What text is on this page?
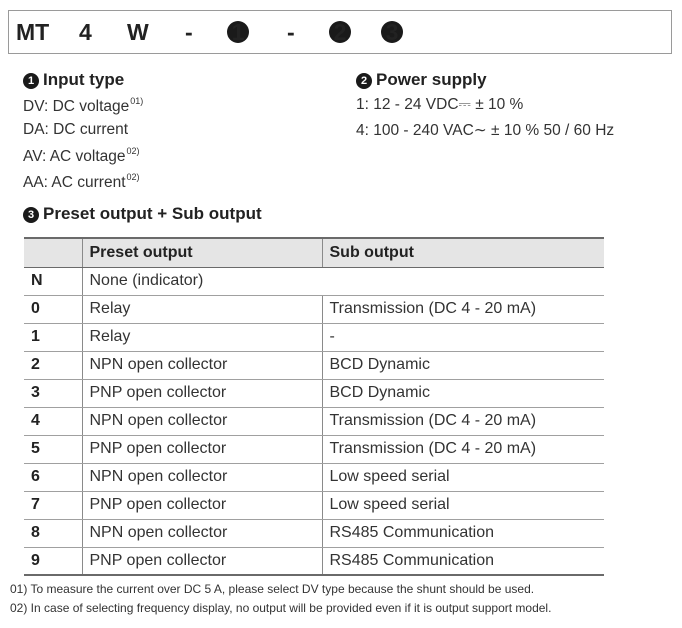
MT 4 W - 1 - 2 3
1 Input type
DV: DC voltage$^{01)}$
DA: DC current
AV: AC voltage$^{02)}$
AA: AC current$^{02)}$
2 Power supply
1: 12 - 24 VDC⎓ ± 10 %
4: 100 - 240 VAC∼ ± 10 % 50 / 60 Hz
3 Preset output + Sub output
	Preset output	Sub output
N	None (indicator)	
0	Relay	Transmission (DC 4 - 20 mA)
1	Relay	-
2	NPN open collector	BCD Dynamic
3	PNP open collector	BCD Dynamic
4	NPN open collector	Transmission (DC 4 - 20 mA)
5	PNP open collector	Transmission (DC 4 - 20 mA)
6	NPN open collector	Low speed serial
7	PNP open collector	Low speed serial
8	NPN open collector	RS485 Communication
9	PNP open collector	RS485 Communication
01) To measure the current over DC 5 A, please select DV type because the shunt should be used.
02) In case of selecting frequency display, no output will be provided even if it is output support model.
